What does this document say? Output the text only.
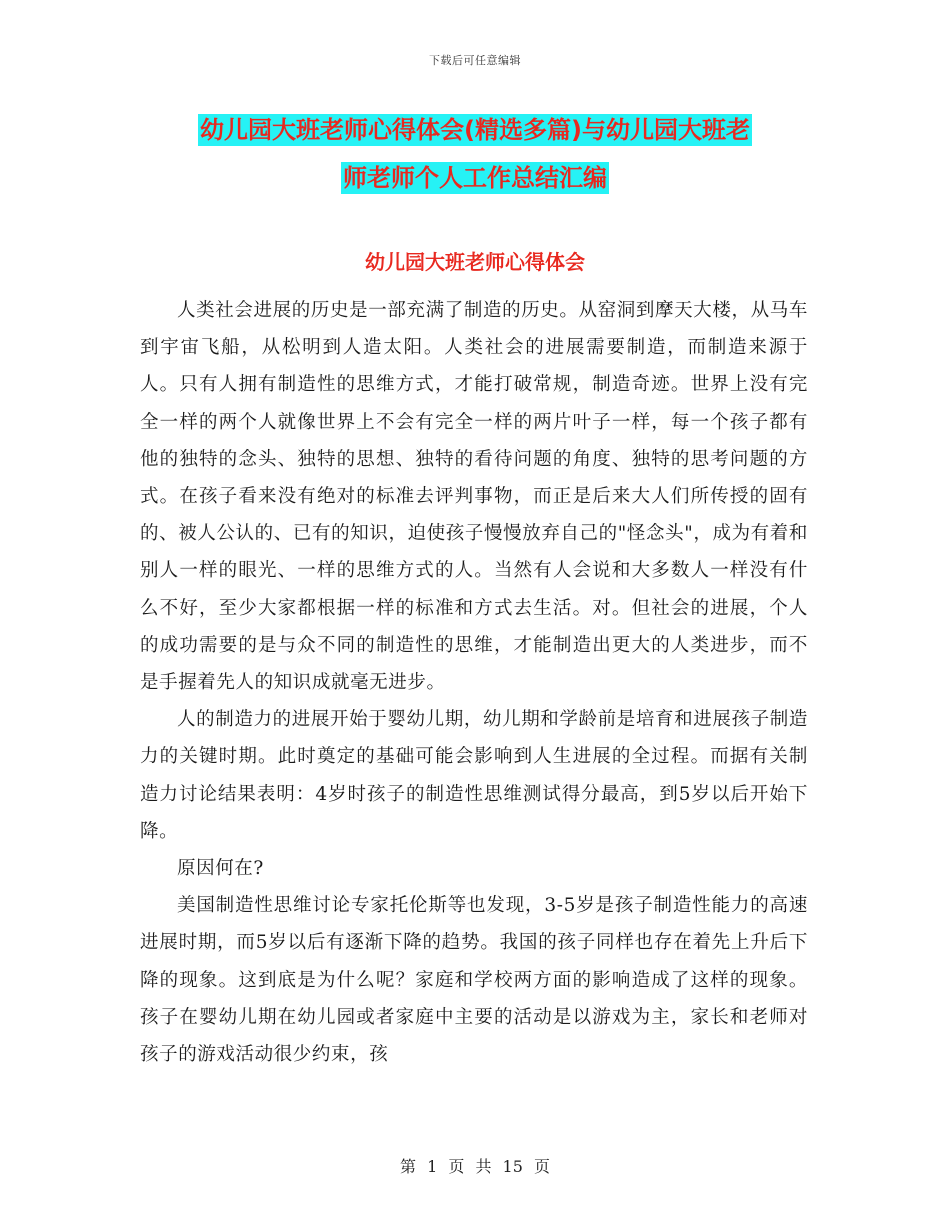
下载后可任意编辑
幼儿园大班老师心得体会(精选多篇)与幼儿园大班老
师老师个人工作总结汇编
幼儿园大班老师心得体会

人类社会进展的历史是一部充满了制造的历史。从窑洞到摩天大楼，从马车到宇宙飞船，从松明到人造太阳。人类社会的进展需要制造，而制造来源于人。只有人拥有制造性的思维方式，才能打破常规，制造奇迹。世界上没有完全一样的两个人就像世界上不会有完全一样的两片叶子一样，每一个孩子都有他的独特的念头、独特的思想、独特的看待问题的角度、独特的思考问题的方式。在孩子看来没有绝对的标准去评判事物，而正是后来大人们所传授的固有的、被人公认的、已有的知识，迫使孩子慢慢放弃自己的"怪念头"，成为有着和别人一样的眼光、一样的思维方式的人。当然有人会说和大多数人一样没有什么不好，至少大家都根据一样的标准和方式去生活。对。但社会的进展，个人的成功需要的是与众不同的制造性的思维，才能制造出更大的人类进步，而不是手握着先人的知识成就毫无进步。

人的制造力的进展开始于婴幼儿期，幼儿期和学龄前是培育和进展孩子制造力的关键时期。此时奠定的基础可能会影响到人生进展的全过程。而据有关制造力讨论结果表明：4岁时孩子的制造性思维测试得分最高，到5岁以后开始下降。

原因何在?

美国制造性思维讨论专家托伦斯等也发现，3-5岁是孩子制造性能力的高速进展时期，而5岁以后有逐渐下降的趋势。我国的孩子同样也存在着先上升后下降的现象。这到底是为什么呢？家庭和学校两方面的影响造成了这样的现象。孩子在婴幼儿期在幼儿园或者家庭中主要的活动是以游戏为主，家长和老师对孩子的游戏活动很少约束，孩

第 1 页 共 15 页
